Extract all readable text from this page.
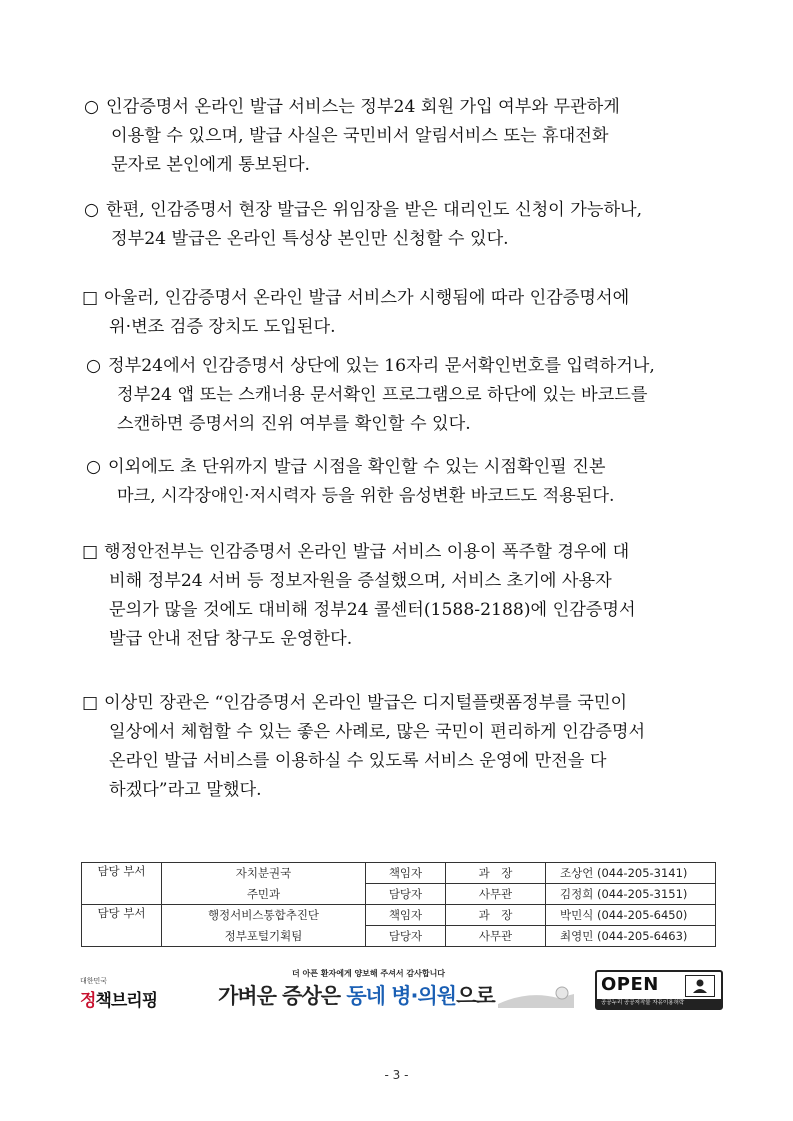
○ 인감증명서 온라인 발급 서비스는 정부24 회원 가입 여부와 무관하게
이용할 수 있으며, 발급 사실은 국민비서 알림서비스 또는 휴대전화
문자로 본인에게 통보된다.
○ 한편, 인감증명서 현장 발급은 위임장을 받은 대리인도 신청이 가능하나,
정부24 발급은 온라인 특성상 본인만 신청할 수 있다.
□ 아울러, 인감증명서 온라인 발급 서비스가 시행됨에 따라 인감증명서에
위·변조 검증 장치도 도입된다.
○ 정부24에서 인감증명서 상단에 있는 16자리 문서확인번호를 입력하거나,
정부24 앱 또는 스캐너용 문서확인 프로그램으로 하단에 있는 바코드를
스캔하면 증명서의 진위 여부를 확인할 수 있다.
○ 이외에도 초 단위까지 발급 시점을 확인할 수 있는 시점확인필 진본
마크, 시각장애인·저시력자 등을 위한 음성변환 바코드도 적용된다.
□ 행정안전부는 인감증명서 온라인 발급 서비스 이용이 폭주할 경우에 대
비해 정부24 서버 등 정보자원을 증설했으며, 서비스 초기에 사용자
문의가 많을 것에도 대비해 정부24 콜센터(1588-2188)에 인감증명서
발급 안내 전담 창구도 운영한다.
□ 이상민 장관은 “인감증명서 온라인 발급은 디지털플랫폼정부를 국민이
일상에서 체험할 수 있는 좋은 사례로, 많은 국민이 편리하게 인감증명서
온라인 발급 서비스를 이용하실 수 있도록 서비스 운영에 만전을 다
하겠다”라고 말했다.
담당 부서	자치분권국	책임자	과　장	조상언 (044-205-3141)
	주민과	담당자	사무관	김정희 (044-205-3151)
담당 부서	행정서비스통합추진단	책임자	과　장	박민식 (044-205-6450)
	정부포털기획팀	담당자	사무관	최영민 (044-205-6463)
대한민국
정책브리핑
더 아픈 환자에게 양보해 주셔서 감사합니다
가벼운 증상은 동네 병·의원으로	OPEN
공공누리 공공저작물 자유이용허락
- 3 -
